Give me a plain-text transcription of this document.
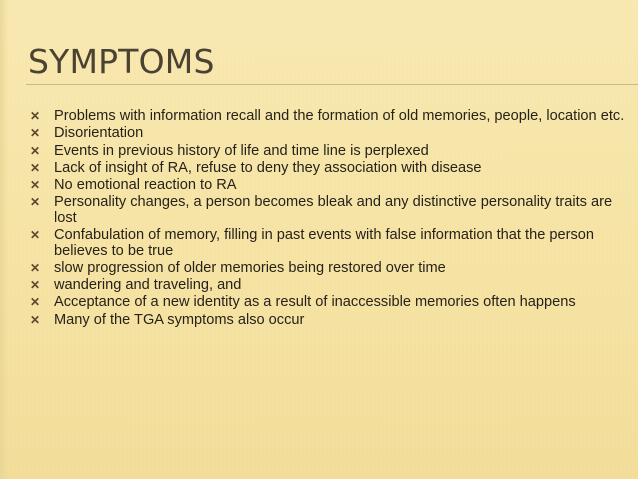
SYMPTOMS
✕ Problems with information recall and the formation of old memories, people, location etc.
✕ Disorientation
✕ Events in previous history of life and time line is perplexed
✕ Lack of insight of RA, refuse to deny they association with disease
✕ No emotional reaction to RA
✕ Personality changes, a person becomes bleak and any distinctive personality traits are lost
✕ Confabulation of memory, filling in past events with false information that the person believes to be true
✕ slow progression of older memories being restored over time
✕ wandering and traveling, and
✕ Acceptance of a new identity as a result of inaccessible memories often happens
✕ Many of the TGA symptoms also occur
